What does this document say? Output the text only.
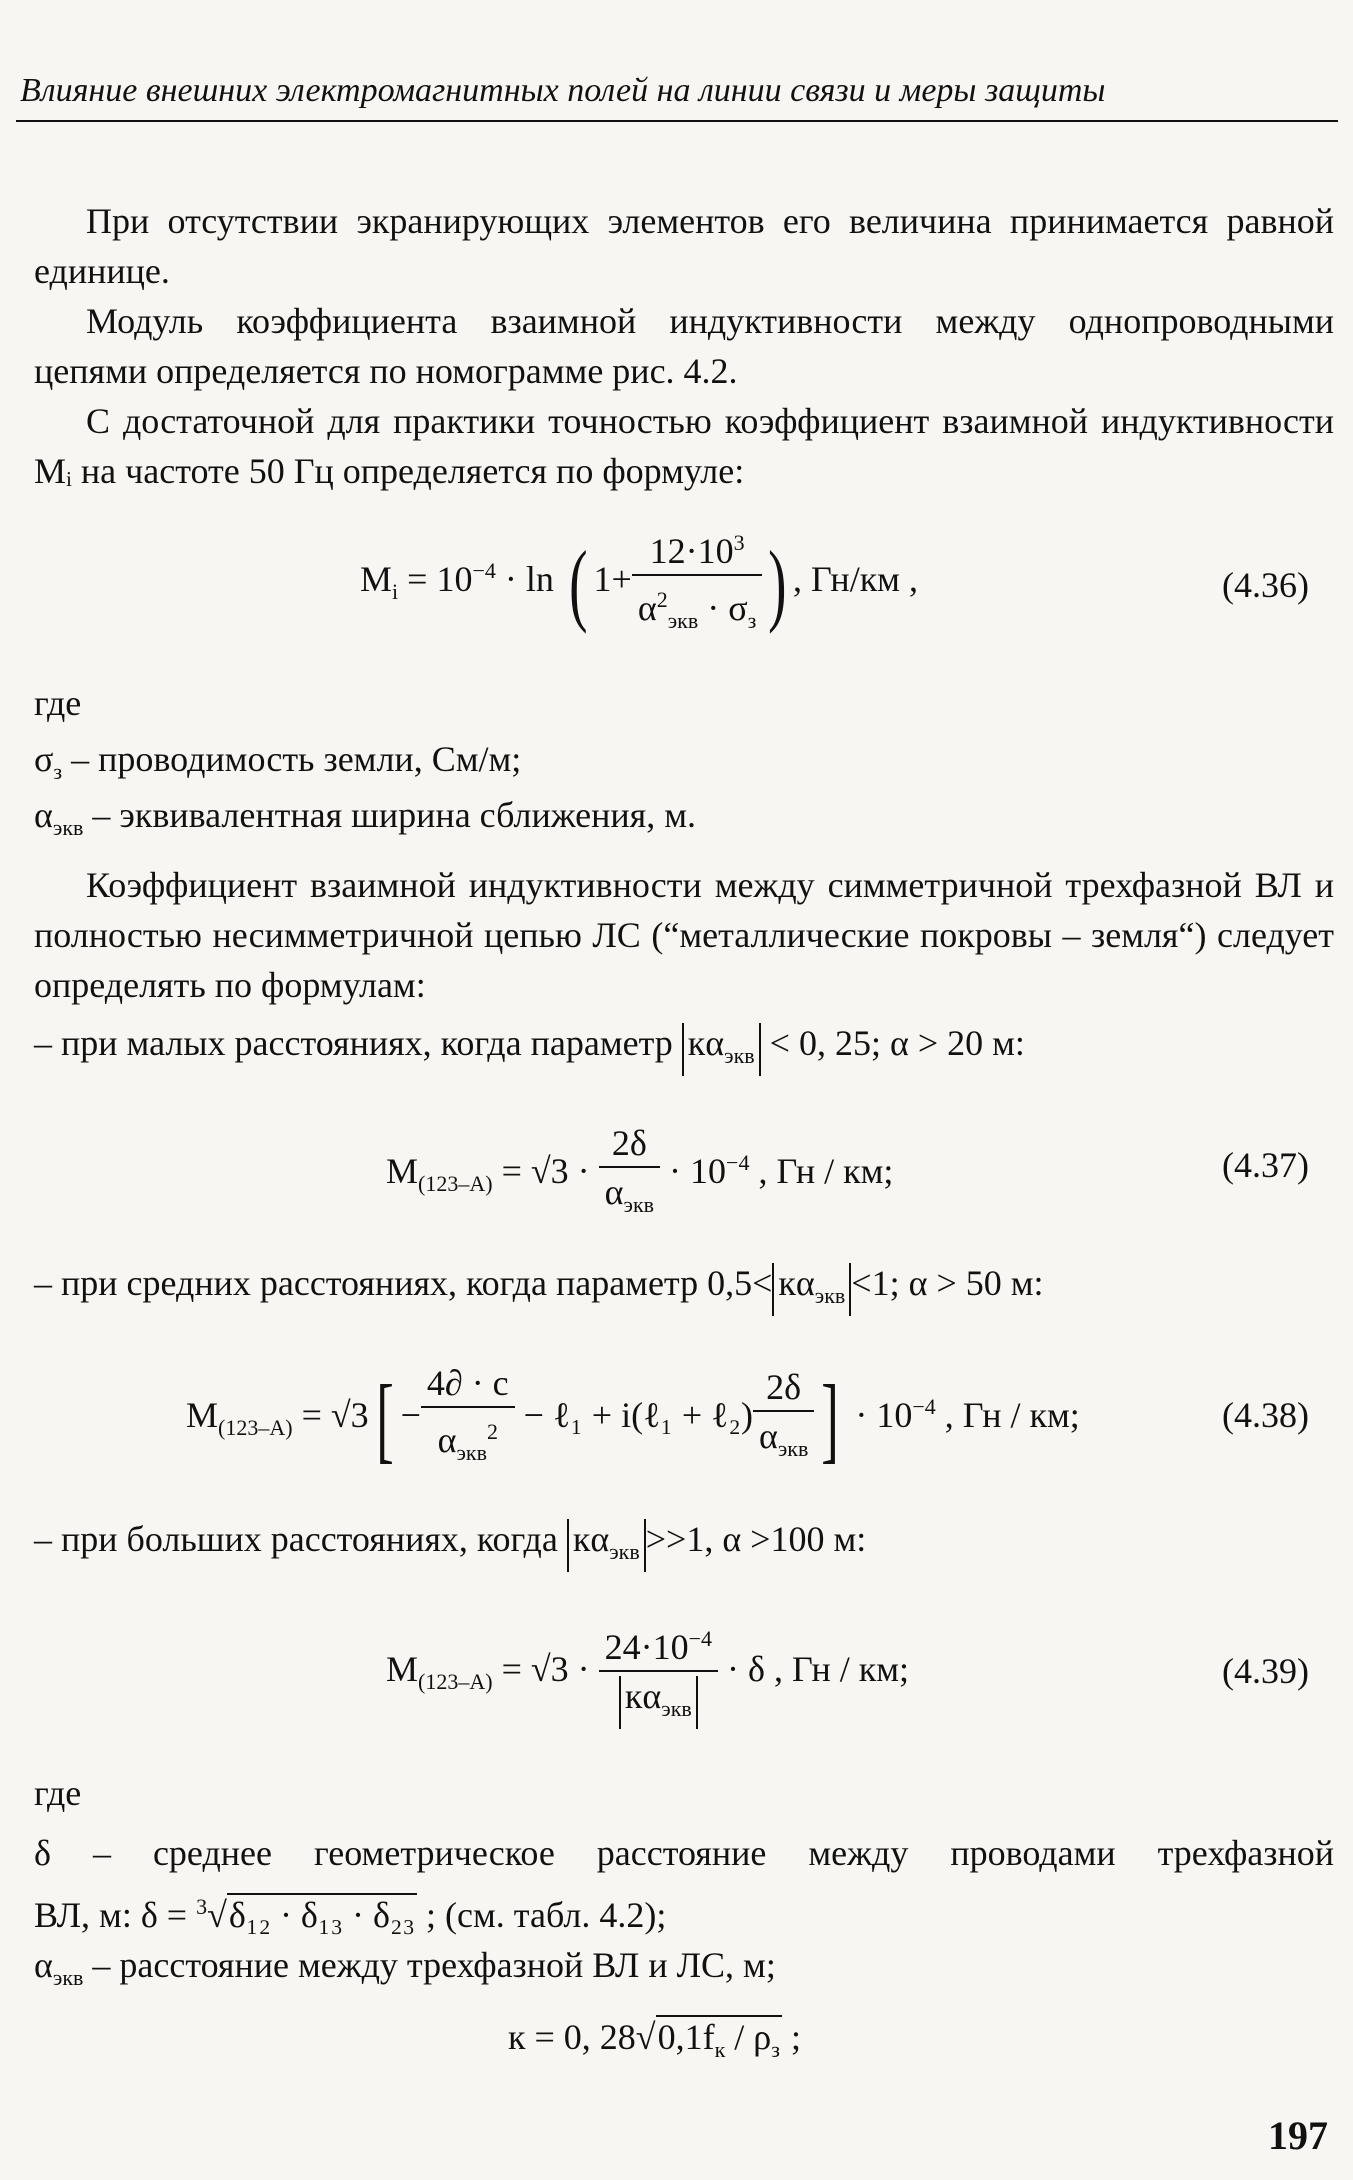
Влияние внешних электромагнитных полей на линии связи и меры защиты
При отсутствии экранирующих элементов его величина принимается равной единице.
Модуль коэффициента взаимной индуктивности между однопроводными цепями определяется по номограмме рис. 4.2.
С достаточной для практики точностью коэффициент взаимной индуктивности Mᵢ на частоте 50 Гц определяется по формуле:
$M_i = 10^{-4} \cdot \ln$ ( $1+ \frac{12\cdot 10^3}{\alpha^2_{экв} \cdot \sigma_з}$ ) , Гн/км ,	(4.36)
где
$\sigma_з$ – проводимость земли, См/м;
$\alpha_{экв}$ – эквивалентная ширина сближения, м.
Коэффициент взаимной индуктивности между симметричной трехфазной ВЛ и полностью несимметричной цепью ЛС (“металлические покровы – земля“) следует определять по формулам:
– при малых расстояниях, когда параметр $к\alpha_{экв} < 0$, 25; α > 20 м:
$M_{(123-A)} = √3 \cdot \frac{2\delta}{\alpha_{экв}} \cdot 10^{-4}$ , Гн / км;	(4.37)
– при средних расстояниях, когда параметр $0,5< к\alpha_{экв} <1$; α > 50 м:
$M_{(123-A)} = √3[ - \frac{4\partial \cdot c}{\alpha_{экв}^2}$ − ℓ₁ + i(ℓ₁ + ℓ₂) $\frac{2\delta}{\alpha_{экв}}$ ] · $10^{-4}$ , Гн / км;	(4.38)
– при больших расстояниях, когда $к\alpha_{экв} >>1$, α >100 м:
$M_{(123-A)} = √3 \cdot \frac{24\cdot 10^{-4}}{к\alpha_{экв}} \cdot \delta$ , Гн / км;	(4.39)
где
δ – среднее геометрическое расстояние между проводами трехфазной
ВЛ, м: δ = $^3$√δ₁₂ · δ₁₃ · δ₂₃ ; (см. табл. 4.2);
$\alpha_{экв}$ – расстояние между трехфазной ВЛ и ЛС, м;
к = 0, $28√0,1f_к / \rho_з$ ;
197
